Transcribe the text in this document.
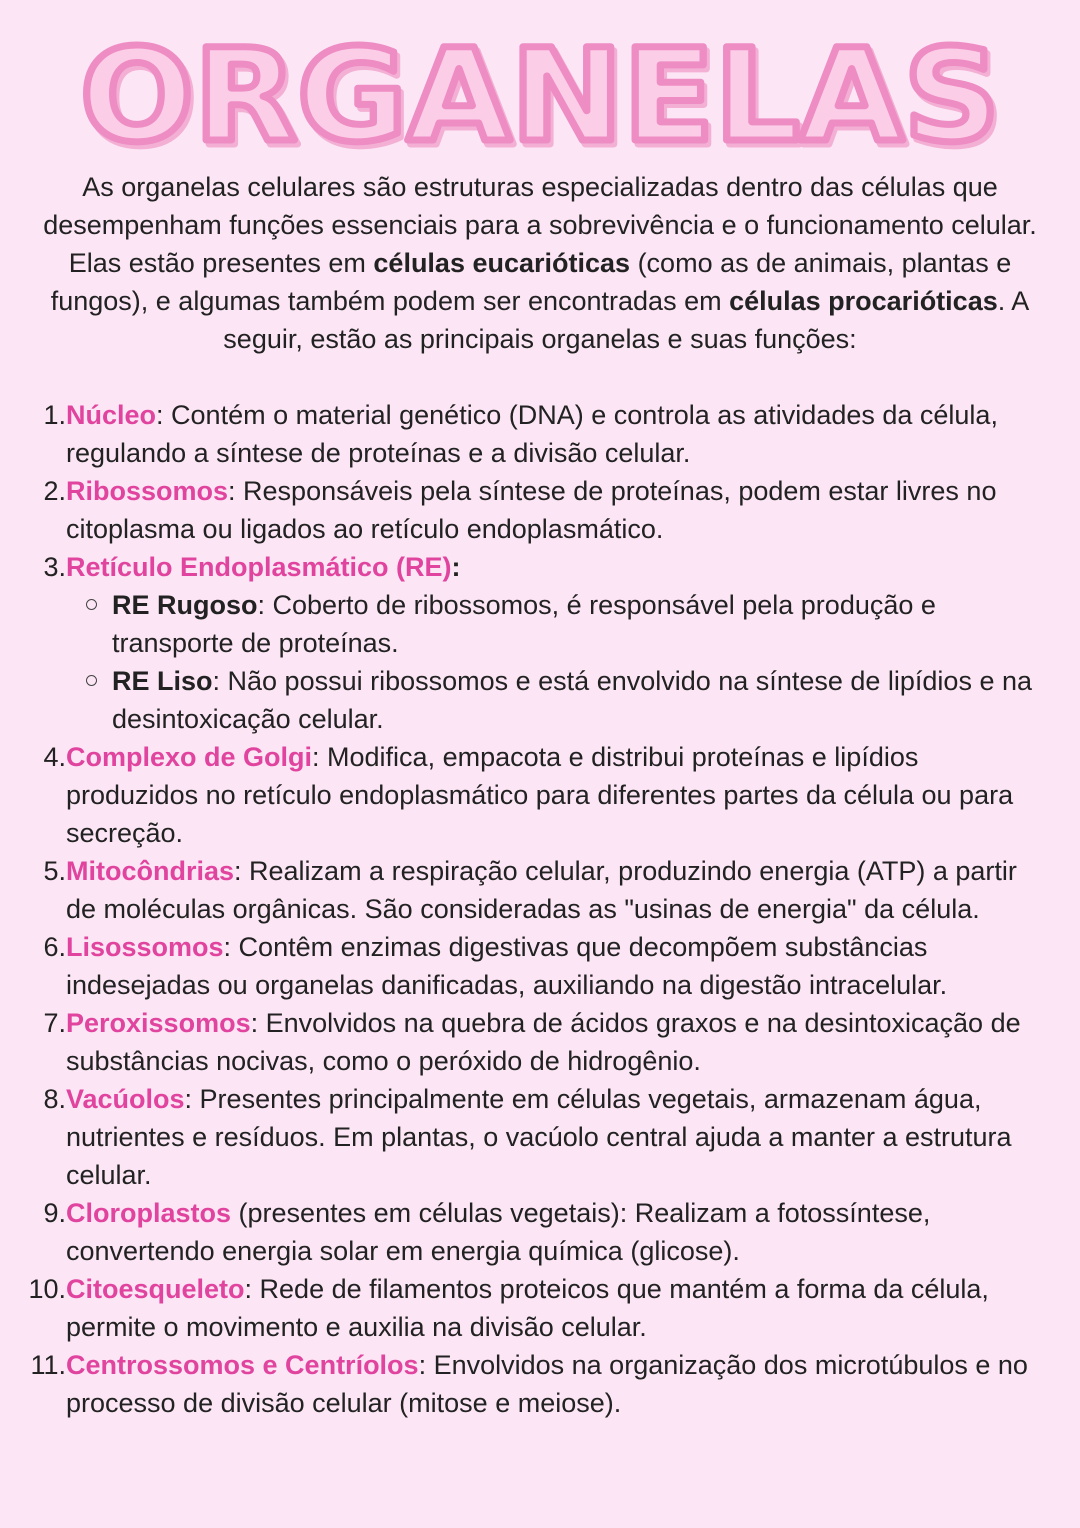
ORGANELAS

As organelas celulares são estruturas especializadas dentro das células que desempenham funções essenciais para a sobrevivência e o funcionamento celular. Elas estão presentes em células eucarióticas (como as de animais, plantas e fungos), e algumas também podem ser encontradas em células procarióticas. A seguir, estão as principais organelas e suas funções:

1. Núcleo: Contém o material genético (DNA) e controla as atividades da célula, regulando a síntese de proteínas e a divisão celular.
2. Ribossomos: Responsáveis pela síntese de proteínas, podem estar livres no citoplasma ou ligados ao retículo endoplasmático.
3. Retículo Endoplasmático (RE):
RE Rugoso: Coberto de ribossomos, é responsável pela produção e transporte de proteínas.
RE Liso: Não possui ribossomos e está envolvido na síntese de lipídios e na desintoxicação celular.
4. Complexo de Golgi: Modifica, empacota e distribui proteínas e lipídios produzidos no retículo endoplasmático para diferentes partes da célula ou para secreção.
5. Mitocôndrias: Realizam a respiração celular, produzindo energia (ATP) a partir de moléculas orgânicas. São consideradas as "usinas de energia" da célula.
6. Lisossomos: Contêm enzimas digestivas que decompõem substâncias indesejadas ou organelas danificadas, auxiliando na digestão intracelular.
7. Peroxissomos: Envolvidos na quebra de ácidos graxos e na desintoxicação de substâncias nocivas, como o peróxido de hidrogênio.
8. Vacúolos: Presentes principalmente em células vegetais, armazenam água, nutrientes e resíduos. Em plantas, o vacúolo central ajuda a manter a estrutura celular.
9. Cloroplastos (presentes em células vegetais): Realizam a fotossíntese, convertendo energia solar em energia química (glicose).
10. Citoesqueleto: Rede de filamentos proteicos que mantém a forma da célula, permite o movimento e auxilia na divisão celular.
11. Centrossomos e Centríolos: Envolvidos na organização dos microtúbulos e no processo de divisão celular (mitose e meiose).
